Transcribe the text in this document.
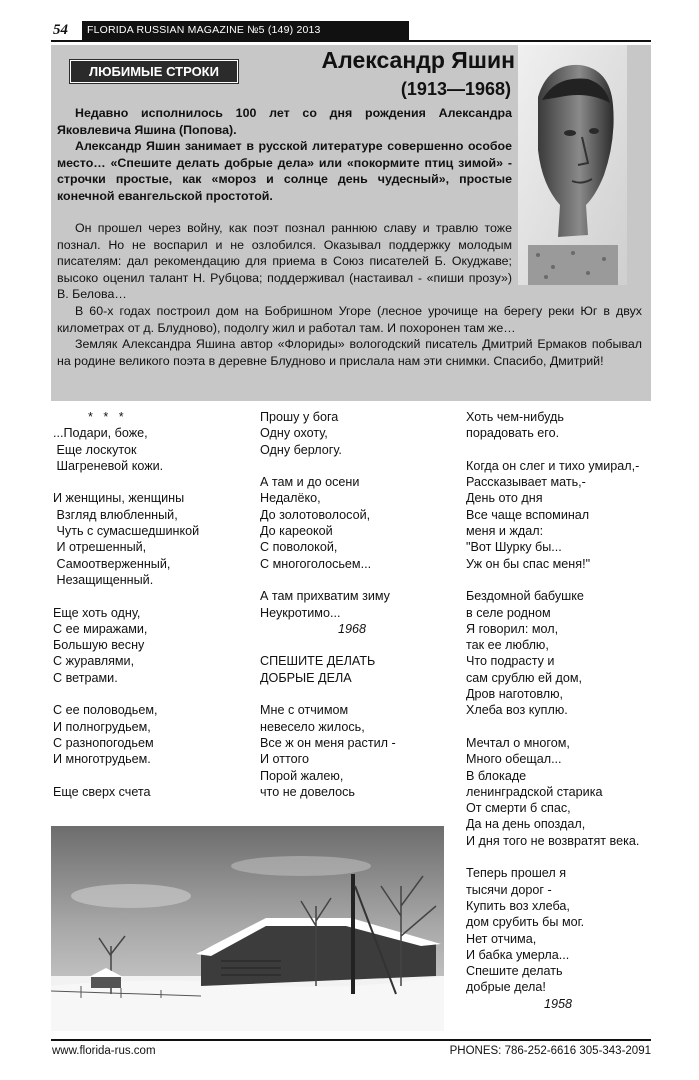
54	FLORIDA RUSSIAN MAGAZINE №5 (149) 2013
ЛЮБИМЫЕ СТРОКИ	Александр Яшин
(1913—1968)

Недавно исполнилось 100 лет со дня рождения Александра Яковлевича Яшина (Попова).

Александр Яшин занимает в русской литературе совершенно особое место… «Спешите делать добрые дела» или «покормите птиц зимой» - строчки простые, как «мороз и солнце день чудесный», простые конечной евангельской простотой.

Он прошел через войну, как поэт познал раннюю славу и травлю тоже познал. Но не воспарил и не озлобился. Оказывал поддержку молодым писателям: дал рекомендацию для приема в Союз писателей Б. Окуджаве; высоко оценил талант Н. Рубцова; поддерживал (настаивал - «пиши прозу») В. Белова…

В 60-х годах построил дом на Бобришном Угоре (лесное урочище на берегу реки Юг в двух километрах от д. Блудново), подолгу жил и работал там. И похоронен там же…

Земляк Александра Яшина автор «Флориды» вологодский писатель Дмитрий Ермаков побывал на родине великого поэта в деревне Блудново и прислала нам эти снимки. Спасибо, Дмитрий!

*   *   *
...Подари, боже,
Еще лоскуток
Шагреневой кожи.

И женщины, женщины
Взгляд влюбленный,
Чуть с сумасшедшинкой
И отрешенный,
Самоотверженный,
Незащищенный.

Еще хоть одну,
С ее миражами,
Большую весну
С журавлями,
С ветрами.

С ее половодьем,
И полногрудьем,
С разнопогодьем
И многотрудьем.

Еще сверх счета
Прошу у бога
Одну охоту,
Одну берлогу.

А там и до осени
Недалёко,
До золотоволосой,
До кареокой
С поволокой,
С многоголосьем...

А там прихватим зиму
Неукротимо...
1968

СПЕШИТЕ ДЕЛАТЬ
ДОБРЫЕ ДЕЛА

Мне с отчимом
невесело жилось,
Все ж он меня растил -
И оттого
Порой жалею,
что не довелось
Хоть чем-нибудь
порадовать его.

Когда он слег и тихо умирал,-
Рассказывает мать,-
День ото дня
Все чаще вспоминал
меня и ждал:
"Вот Шурку бы...
Уж он бы спас меня!"

Бездомной бабушке
в селе родном
Я говорил: мол,
так ее люблю,
Что подрасту и
сам срублю ей дом,
Дров наготовлю,
Хлеба воз куплю.

Мечтал о многом,
Много обещал...
В блокаде
ленинградской старика
От смерти б спас,
Да на день опоздал,
И дня того не возвратят века.

Теперь прошел я
тысячи дорог -
Купить воз хлеба,
дом срубить бы мог.
Нет отчима,
И бабка умерла...
Спешите делать
добрые дела!
1958
www.florida-rus.com	PHONES: 786-252-6616 305-343-2091
